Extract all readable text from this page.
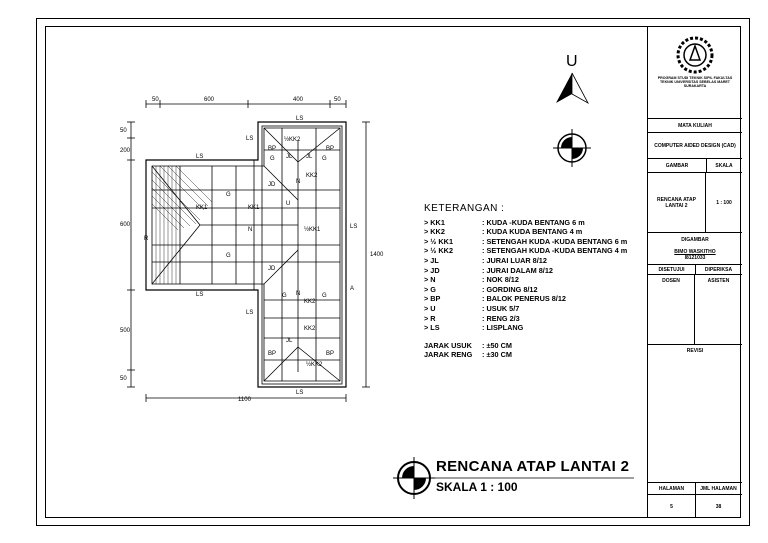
50	600	400	50
50
200
600
500
50
1100
1400
LS
LS
LS
LS
LS
LS
LS
KK1	KK1
KK2
KK2
KK2
½KK2
½KK2
½KK1
JL JL
JL
JD
JD
N
N
N
G
G
G	G
G	G
BP	BP
BP	BP
U
R
A
U
KETERANGAN :
> KK1	: KUDA -KUDA BENTANG 6 m
> KK2	: KUDA KUDA BENTANG 4 m
> ½ KK1	: SETENGAH KUDA -KUDA BENTANG 6 m
> ½ KK2	: SETENGAH KUDA -KUDA BENTANG 4 m
> JL	: JURAI LUAR 8/12
> JD	: JURAI DALAM 8/12
> N	: NOK 8/12
> G	: GORDING 8/12
> BP	: BALOK PENERUS 8/12
> U	: USUK 5/7
> R	: RENG 2/3
> LS	: LISPLANG
JARAK USUK	: ±50 CM
JARAK RENG	: ±30 CM
RENCANA ATAP LANTAI 2
SKALA 1 : 100
PROGRAM STUDI TEKNIK SIPIL FAKULTAS TEKNIK UNIVERSITAS SEBELAS MARET SURAKARTA
MATA KULIAH
COMPUTER AIDED DESIGN (CAD)
GAMBAR	SKALA
RENCANA ATAP LANTAI 2	1 : 100
DIGAMBAR
BIMO WASKITHO
I8121033
DISETUJUI	DIPERIKSA
DOSEN	ASISTEN
REVISI
HALAMAN	JML HALAMAN
5	38
